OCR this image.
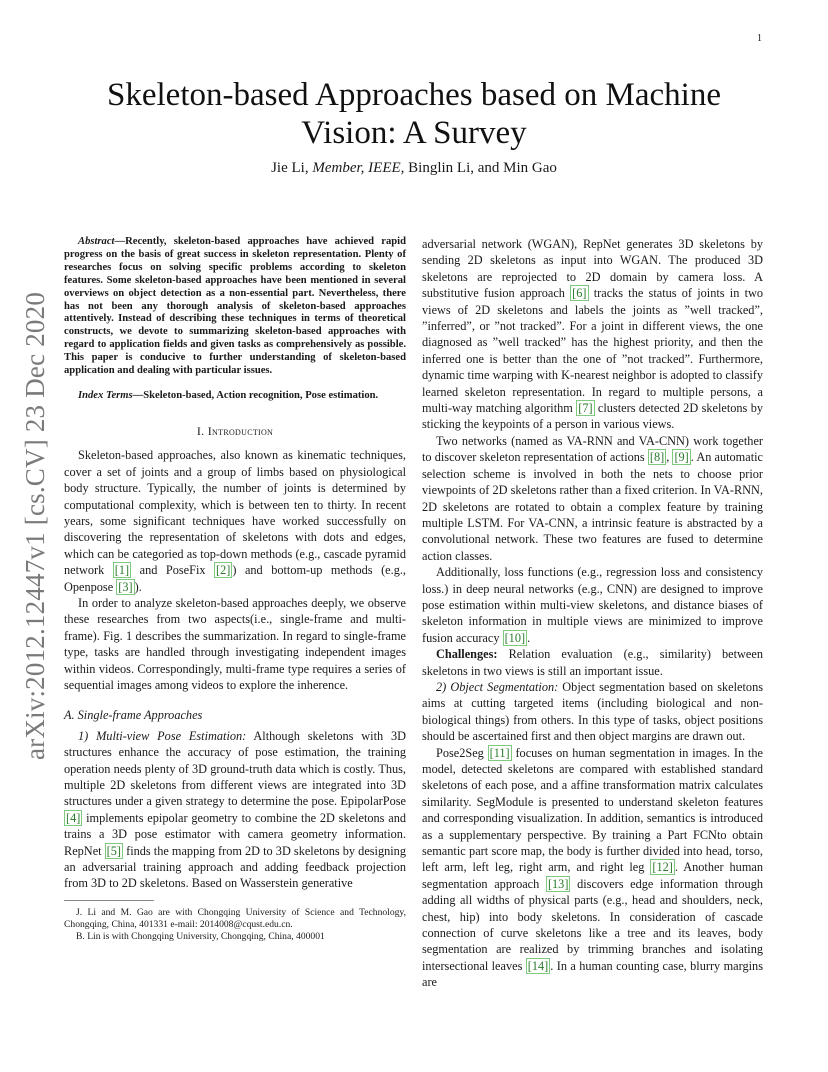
1
arXiv:2012.12447v1 [cs.CV] 23 Dec 2020
Skeleton-based Approaches based on Machine
Vision: A Survey
Jie Li, Member, IEEE, Binglin Li, and Min Gao

Abstract—Recently, skeleton-based approaches have achieved rapid progress on the basis of great success in skeleton representation. Plenty of researches focus on solving specific problems according to skeleton features. Some skeleton-based approaches have been mentioned in several overviews on object detection as a non-essential part. Nevertheless, there has not been any thorough analysis of skeleton-based approaches attentively. Instead of describing these techniques in terms of theoretical constructs, we devote to summarizing skeleton-based approaches with regard to application fields and given tasks as comprehensively as possible. This paper is conducive to further understanding of skeleton-based application and dealing with particular issues.

Index Terms—Skeleton-based, Action recognition, Pose estimation.

I. Introduction

Skeleton-based approaches, also known as kinematic techniques, cover a set of joints and a group of limbs based on physiological body structure. Typically, the number of joints is determined by computational complexity, which is between ten to thirty. In recent years, some significant techniques have worked successfully on discovering the representation of skeletons with dots and edges, which can be categoried as top-down methods (e.g., cascade pyramid network [1] and PoseFix [2] ) and bottom-up methods (e.g., Openpose [3] ).

In order to analyze skeleton-based approaches deeply, we observe these researches from two aspects(i.e., single-frame and multi-frame). Fig. 1 describes the summarization. In regard to single-frame type, tasks are handled through investigating independent images within videos. Correspondingly, multi-frame type requires a series of sequential images among videos to explore the inherence.

A. Single-frame Approaches

1) Multi-view Pose Estimation: Although skeletons with 3D structures enhance the accuracy of pose estimation, the training operation needs plenty of 3D ground-truth data which is costly. Thus, multiple 2D skeletons from different views are integrated into 3D structures under a given strategy to determine the pose. EpipolarPose [4] implements epipolar geometry to combine the 2D skeletons and trains a 3D pose estimator with camera geometry information. RepNet [5] finds the mapping from 2D to 3D skeletons by designing an adversarial training approach and adding feedback projection from 3D to 2D skeletons. Based on Wasserstein generative

J. Li and M. Gao are with Chongqing University of Science and Technology, Chongqing, China, 401331 e-mail: 2014008@cqust.edu.cn.

B. Lin is with Chongqing University, Chongqing, China, 400001

adversarial network (WGAN), RepNet generates 3D skeletons by sending 2D skeletons as input into WGAN. The produced 3D skeletons are reprojected to 2D domain by camera loss. A substitutive fusion approach [6] tracks the status of joints in two views of 2D skeletons and labels the joints as ”well tracked”, ”inferred”, or ”not tracked”. For a joint in different views, the one diagnosed as ”well tracked” has the highest priority, and then the inferred one is better than the one of ”not tracked”. Furthermore, dynamic time warping with K-nearest neighbor is adopted to classify learned skeleton representation. In regard to multiple persons, a multi-way matching algorithm [7] clusters detected 2D skeletons by sticking the keypoints of a person in various views.

Two networks (named as VA-RNN and VA-CNN) work together to discover skeleton representation of actions [8] , [9] . An automatic selection scheme is involved in both the nets to choose prior viewpoints of 2D skeletons rather than a fixed criterion. In VA-RNN, 2D skeletons are rotated to obtain a complex feature by training multiple LSTM. For VA-CNN, a intrinsic feature is abstracted by a convolutional network. These two features are fused to determine action classes.

Additionally, loss functions (e.g., regression loss and consistency loss.) in deep neural networks (e.g., CNN) are designed to improve pose estimation within multi-view skeletons, and distance biases of skeleton information in multiple views are minimized to improve fusion accuracy [10] .

Challenges: Relation evaluation (e.g., similarity) between skeletons in two views is still an important issue.

2) Object Segmentation: Object segmentation based on skeletons aims at cutting targeted items (including biological and non-biological things) from others. In this type of tasks, object positions should be ascertained first and then object margins are drawn out.

Pose2Seg [11] focuses on human segmentation in images. In the model, detected skeletons are compared with established standard skeletons of each pose, and a affine transformation matrix calculates similarity. SegModule is presented to understand skeleton features and corresponding visualization. In addition, semantics is introduced as a supplementary perspective. By training a Part FCNto obtain semantic part score map, the body is further divided into head, torso, left arm, left leg, right arm, and right leg [12] . Another human segmentation approach [13] discovers edge information through adding all widths of physical parts (e.g., head and shoulders, neck, chest, hip) into body skeletons. In consideration of cascade connection of curve skeletons like a tree and its leaves, body segmentation are realized by trimming branches and isolating intersectional leaves [14] . In a human counting case, blurry margins are
